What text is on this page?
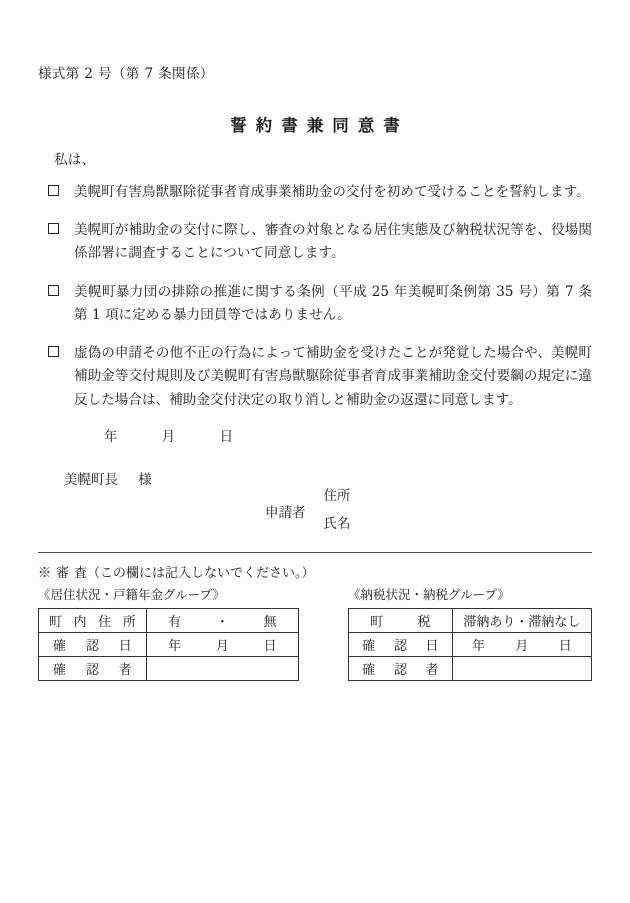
様式第 2 号（第 7 条関係）
誓約書兼同意書
私は、
美幌町有害鳥獣駆除従事者育成事業補助金の交付を初めて受けることを誓約します。
美幌町が補助金の交付に際し、審査の対象となる居住実態及び納税状況等を、役場関係部署に調査することについて同意します。
美幌町暴力団の排除の推進に関する条例（平成 25 年美幌町条例第 35 号）第 7 条第 1 項に定める暴力団員等ではありません。
虚偽の申請その他不正の行為によって補助金を受けたことが発覚した場合や、美幌町補助金等交付規則及び美幌町有害鳥獣駆除従事者育成事業補助金交付要綱の規定に違反した場合は、補助金交付決定の取り消しと補助金の返還に同意します。
年	月	日
美幌町長 様
申請者
住所
氏名
※審査（この欄には記入しないでください。）
《居住状況・戸籍年金グループ》	《納税状況・納税グループ》
町 内 住 所	有 ・ 無

確 認 日	年 月 日

確 認 者	

町 税	滞納あり・滞納なし

確 認 日	年 月 日

確 認 者	
